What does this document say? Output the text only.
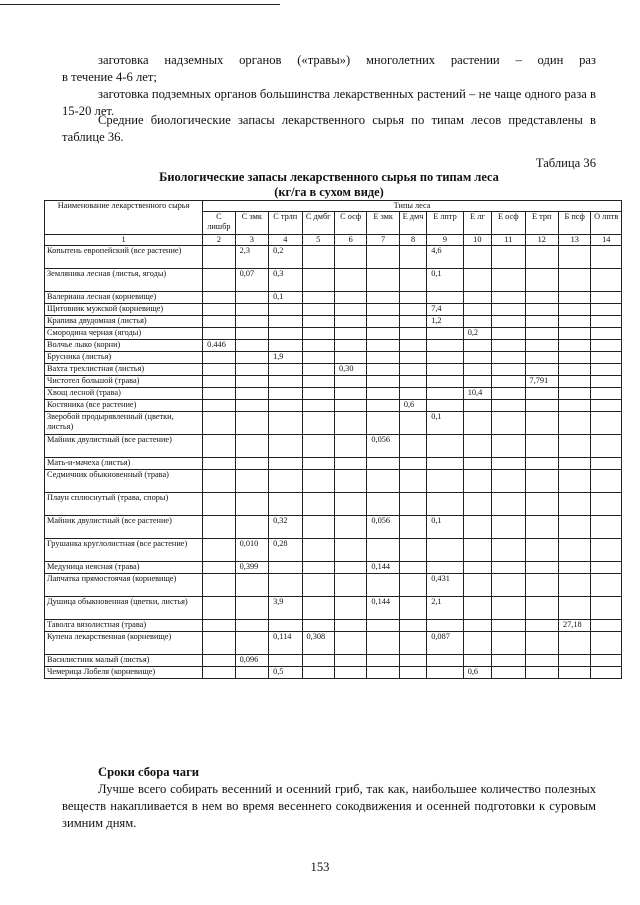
заготовка надземных органов («травы») многолетних растении – один раз
в течение 4-6 лет;
заготовка подземных органов большинства лекарственных растений – не чаще одного раза в 15-20 лет.
Средние биологические запасы лекарственного сырья по типам лесов представлены в таблице 36.
Таблица 36
Биологические запасы лекарственного сырья по типам леса
(кг/га в сухом виде)
Наименование лекарственного сырья	Типы леса												
	С лишбр	С змк	С трлп	С дмбг	С осф	Е змк	Е дмч	Е лптр	Е лг	Е осф	Е трп	Б псф	О лптв
1	2	3	4	5	6	7	8	9	10	11	12	13	14
Копытень европейский (все растение)		2,3	0,2					4,6					
Земляника лесная (листья, ягоды)		0,07	0,3					0,1					
Валериана лесная (корневище)			0,1										
Щитовник мужской (корневище)								7,4					
Крапива двудомная (листья)								1,2					
Смородина черная (ягоды)									0,2				
Волчье лыко (корни)	0.446												
Брусника (листья)			1,9										
Вахта трехлистная (листья)					0,30								
Чистотел большой (трава)											7,791		
Хвощ лесной (трава)									10,4				
Костяника (все растение)							0,6						
Зверобой продырявленный (цветки, листья)								0,1					
Майник двулистный (все растение)						0,056							
Мать-и-мачеха (листья)													
Седмичник обыкновенный (трава)													
Плаун сплюснутый (трава, споры)													
Майник двулистный (все растение)			0,32			0,056		0,1					
Грушанка круглолистная (все растение)		0,010	0,28										
Медуница неясная (трава)		0,399				0,144							
Лапчатка прямостоячая (корневище)								0,431					
Душица обыкновенная (цветки, листья)			3,9			0,144		2,1					
Таволга вязолистная (трава)												27,18	
Купена лекарственная (корневище)			0,114	0,308				0,087					
Василистник малый (листья)		0,096											
Чемерица Лобеля (корневище)			0,5						0,6				
Сроки сбора чаги
Лучше всего собирать весенний и осенний гриб, так как, наибольшее количество полезных веществ накапливается в нем во время весеннего сокодвижения и осенней подготовки к суровым зимним дням.
153
